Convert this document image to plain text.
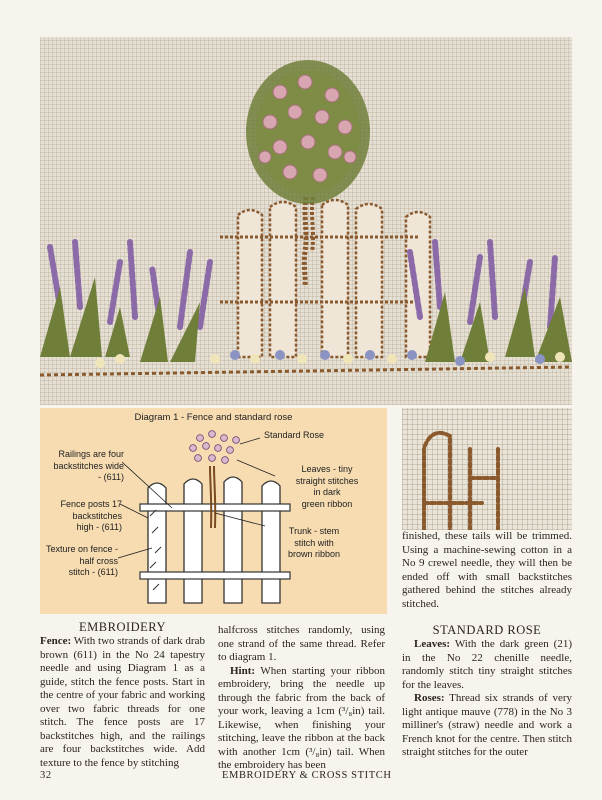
Diagram 1 - Fence and standard rose
Standard Rose
Railings are four
backstitches wide
- (611)
Fence posts 17
backstitches
high - (611)
Texture on fence -
half cross
stitch - (611)
Leaves - tiny
straight stitches
in dark
green ribbon
Trunk - stem
stitch with
brown ribbon

EMBROIDERY

Fence: With two strands of dark drab brown (611) in the No 24 tapestry needle and using Diagram 1 as a guide, stitch the fence posts. Start in the centre of your fabric and working over two fabric threads for one stitch. The fence posts are 17 backstitches high, and the railings are four backstitches wide. Add texture to the fence by stitching

halfcross stitches randomly, using one strand of the same thread. Refer to diagram 1.

Hint: When starting your ribbon embroidery, bring the needle up through the fabric from the back of your work, leaving a 1cm (³/₈in) tail. Likewise, when finishing your stitching, leave the ribbon at the back with another 1cm (³/₈in) tail. When the embroidery has been

finished, these tails will be trimmed. Using a machine-sewing cotton in a No 9 crewel needle, they will then be ended off with small backstitches gathered behind the stitches already stitched.

STANDARD ROSE

Leaves: With the dark green (21) in the No 22 chenille needle, randomly stitch tiny straight stitches for the leaves.

Roses: Thread six strands of very light antique mauve (778) in the No 3 milliner's (straw) needle and work a French knot for the centre. Then stitch straight stitches for the outer

32	EMBROIDERY & CROSS STITCH
